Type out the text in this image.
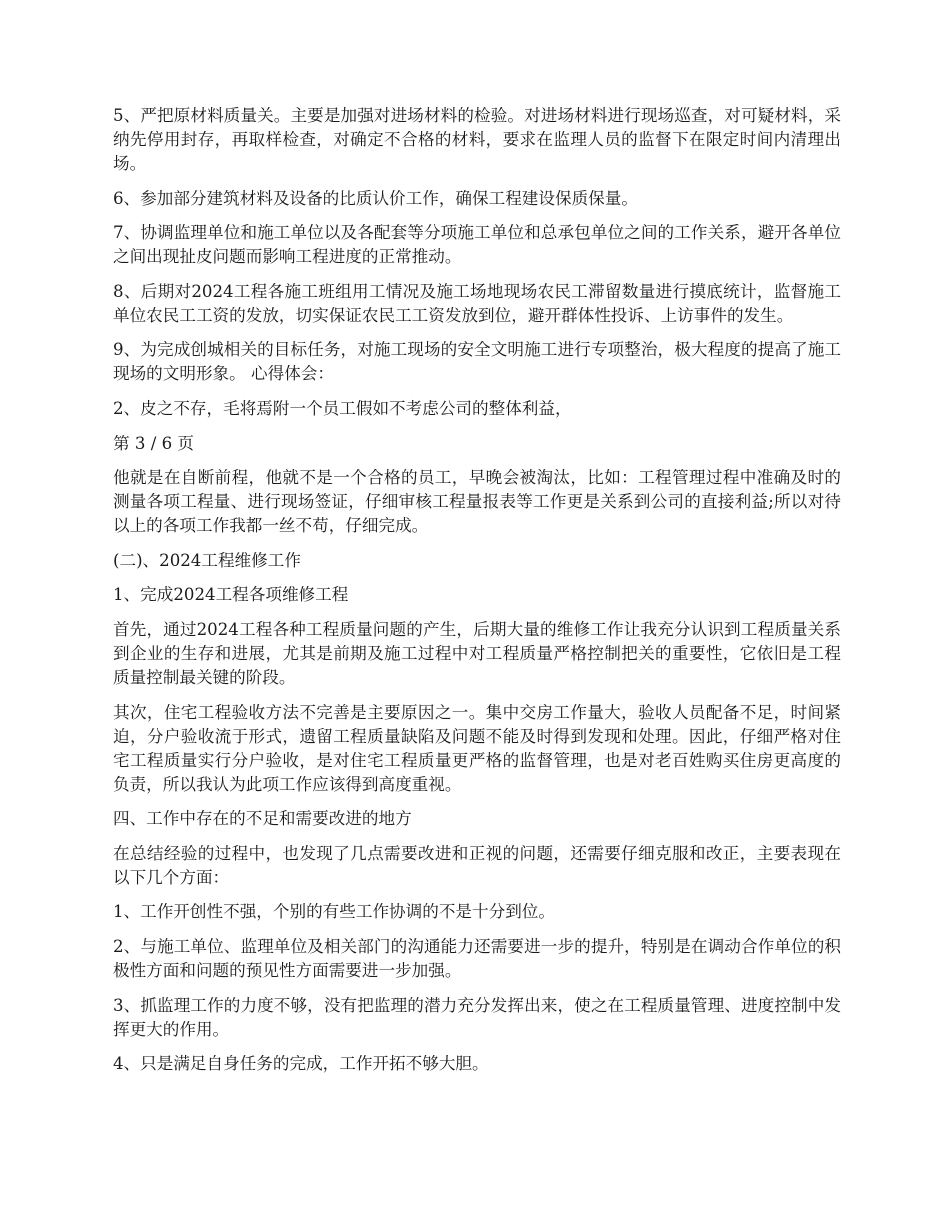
5、严把原材料质量关。主要是加强对进场材料的检验。对进场材料进行现场巡查，对可疑材料，采纳先停用封存，再取样检查，对确定不合格的材料，要求在监理人员的监督下在限定时间内清理出场。

6、参加部分建筑材料及设备的比质认价工作，确保工程建设保质保量。

7、协调监理单位和施工单位以及各配套等分项施工单位和总承包单位之间的工作关系，避开各单位之间出现扯皮问题而影响工程进度的正常推动。

8、后期对2024工程各施工班组用工情况及施工场地现场农民工滞留数量进行摸底统计，监督施工单位农民工工资的发放，切实保证农民工工资发放到位，避开群体性投诉、上访事件的发生。

9、为完成创城相关的目标任务，对施工现场的安全文明施工进行专项整治，极大程度的提高了施工现场的文明形象。 心得体会：

2、皮之不存，毛将焉附一个员工假如不考虑公司的整体利益，

第 3 / 6 页

他就是在自断前程，他就不是一个合格的员工，早晚会被淘汰，比如：工程管理过程中准确及时的测量各项工程量、进行现场签证，仔细审核工程量报表等工作更是关系到公司的直接利益;所以对待以上的各项工作我都一丝不苟，仔细完成。

(二)、2024工程维修工作

1、完成2024工程各项维修工程

首先，通过2024工程各种工程质量问题的产生，后期大量的维修工作让我充分认识到工程质量关系到企业的生存和进展，尤其是前期及施工过程中对工程质量严格控制把关的重要性，它依旧是工程质量控制最关键的阶段。

其次，住宅工程验收方法不完善是主要原因之一。集中交房工作量大，验收人员配备不足，时间紧迫，分户验收流于形式，遗留工程质量缺陷及问题不能及时得到发现和处理。因此，仔细严格对住宅工程质量实行分户验收，是对住宅工程质量更严格的监督管理，也是对老百姓购买住房更高度的负责，所以我认为此项工作应该得到高度重视。

四、工作中存在的不足和需要改进的地方

在总结经验的过程中，也发现了几点需要改进和正视的问题，还需要仔细克服和改正，主要表现在以下几个方面：

1、工作开创性不强，个别的有些工作协调的不是十分到位。

2、与施工单位、监理单位及相关部门的沟通能力还需要进一步的提升，特别是在调动合作单位的积极性方面和问题的预见性方面需要进一步加强。

3、抓监理工作的力度不够，没有把监理的潜力充分发挥出来，使之在工程质量管理、进度控制中发挥更大的作用。

4、只是满足自身任务的完成，工作开拓不够大胆。
